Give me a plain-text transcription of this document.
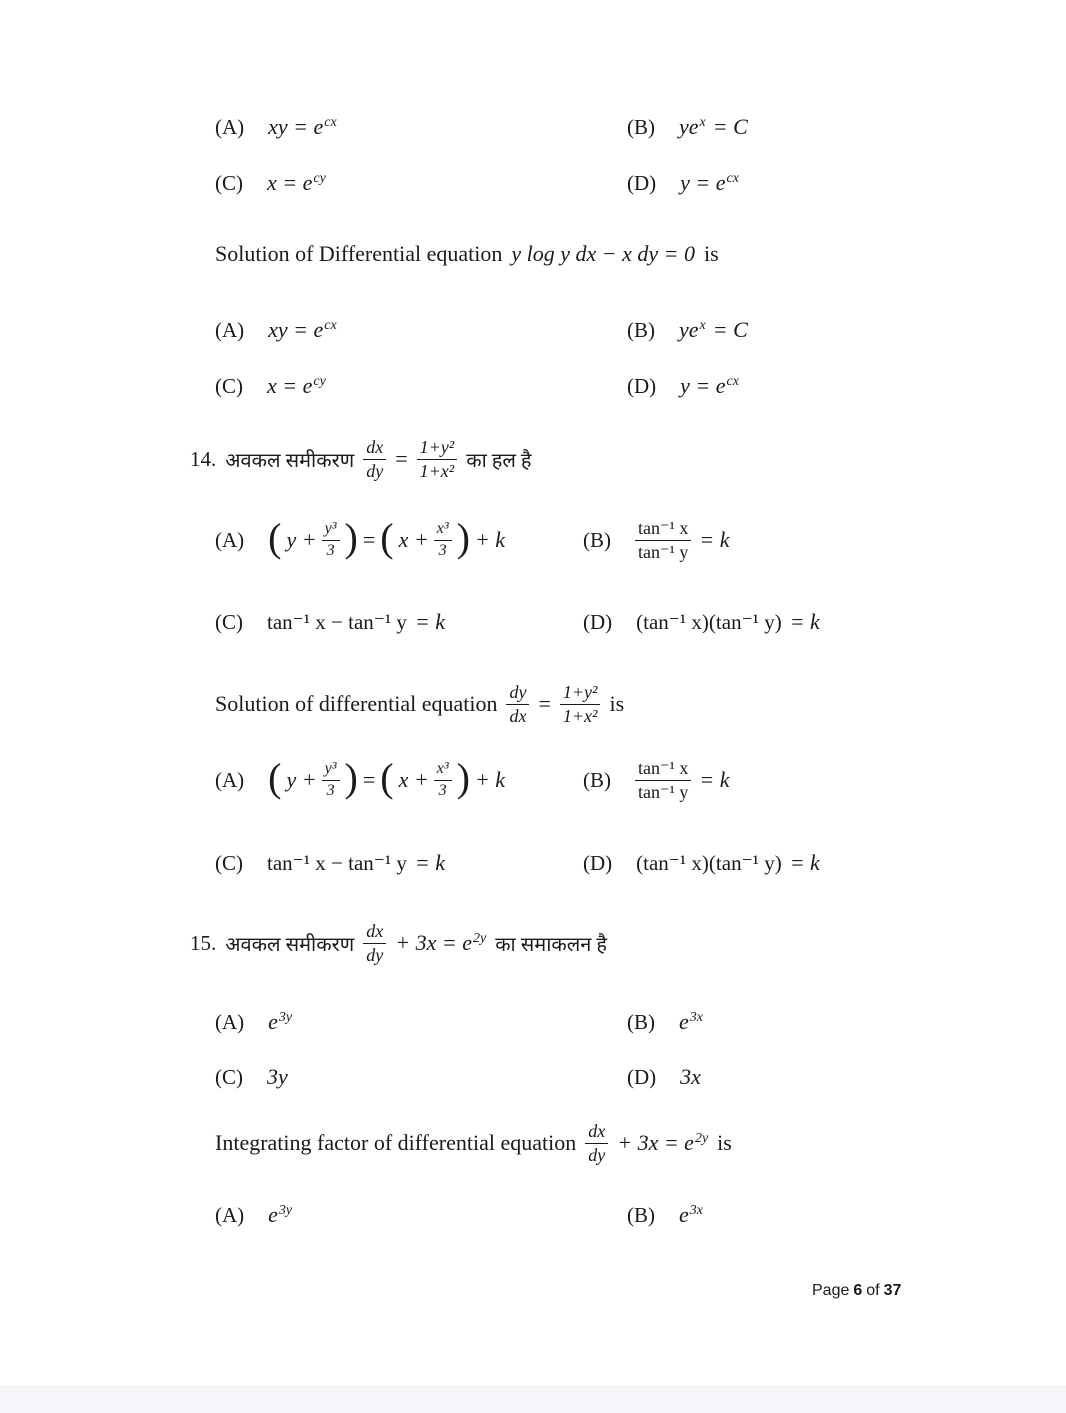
(A) xy = $e^{cx}$	(B) $ye^x = C$
(C) $x = e^{cy}$	(D) $y = e^{cx}$
Solution of Differential equation y log y dx − x dy = 0 is
(A) xy = $e^{cx}$	(B) $ye^x = C$
(C) $x = e^{cy}$	(D) $y = e^{cx}$
14. अवकल समीकरण $\frac{dx}{dy} = \frac{\text{1+y²}}{\text{1+x²}}$ का हल है
(A) ( $y + \frac{\text{y³}}{3}$ ) = ( $x + \frac{\text{x³}}{3}$ ) + k	$(B) \frac{\text{tan⁻¹ x}}{\text{tan⁻¹ y}} = k$
(C) tan⁻¹ x − tan⁻¹ y = k	(D) (tan⁻¹ x)(tan⁻¹ y) = k
Solution of differential equation $\frac{dy}{dx} = \frac{\text{1+y²}}{\text{1+x²}}$ is
(A) ( $y + \frac{\text{y³}}{3}$ ) = ( $x + \frac{\text{x³}}{3}$ ) + k	$(B) \frac{\text{tan⁻¹ x}}{\text{tan⁻¹ y}} = k$
(C) tan⁻¹ x − tan⁻¹ y = k	(D) (tan⁻¹ x)(tan⁻¹ y) = k
15. अवकल समीकरण $\frac{dx}{dy} + 3x = e^{2y}$ का समाकलन है
(A) $e^{3y}$	(B) $e^{3x}$
(C) 3y	(D) 3x
Integrating factor of differential equation $\frac{dx}{dy} + 3x = e^{2y}$ is
(A) $e^{3y}$	(B) $e^{3x}$
Page 6 of 37
